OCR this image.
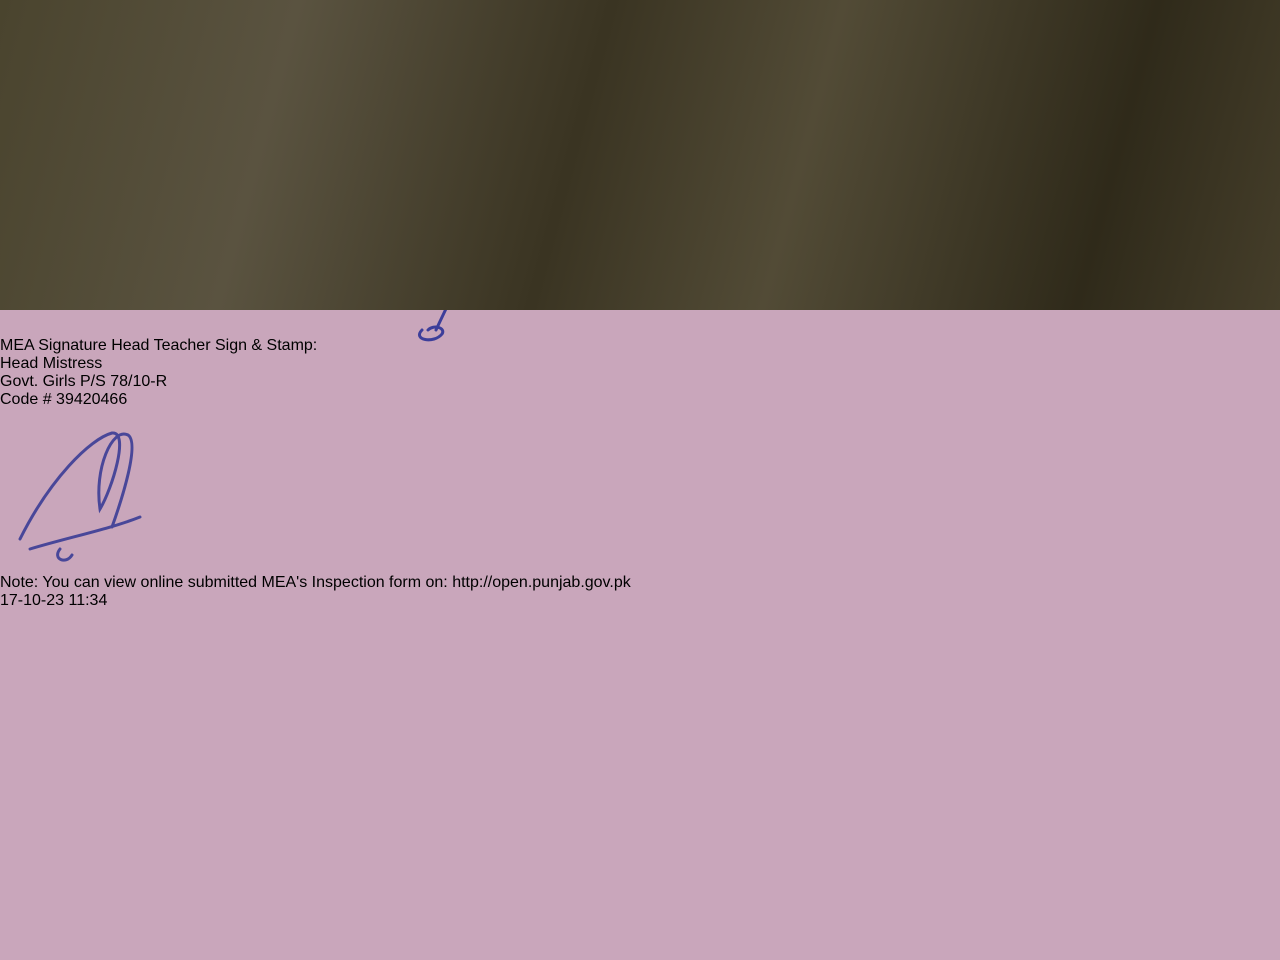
MEA Signature Head Teacher Sign & Stamp:
Head Mistress
Govt. Girls P/S 78/10-R
Code # 39420466
Note: You can view online submitted MEA's Inspection form on: http://open.punjab.gov.pk
17-10-23 11:34
